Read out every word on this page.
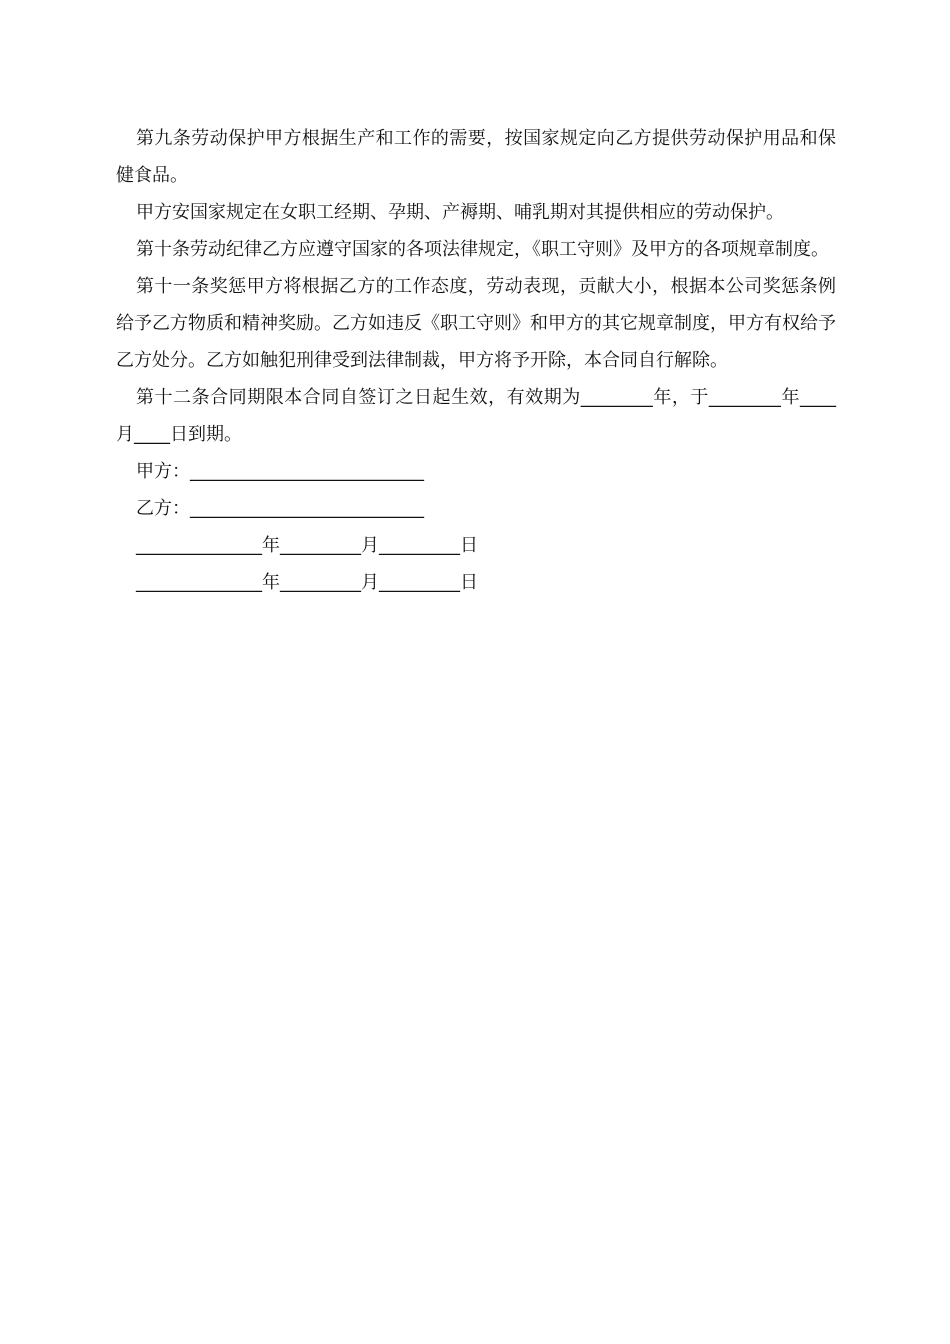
第九条劳动保护甲方根据生产和工作的需要，按国家规定向乙方提供劳动保护用品和保健食品。

甲方安国家规定在女职工经期、孕期、产褥期、哺乳期对其提供相应的劳动保护。

第十条劳动纪律乙方应遵守国家的各项法律规定，《职工守则》及甲方的各项规章制度。

第十一条奖惩甲方将根据乙方的工作态度，劳动表现，贡献大小，根据本公司奖惩条例给予乙方物质和精神奖励。乙方如违反《职工守则》和甲方的其它规章制度，甲方有权给予乙方处分。乙方如触犯刑律受到法律制裁，甲方将予开除，本合同自行解除。

第十二条合同期限本合同自签订之日起生效，有效期为________年，于________年____月____日到期。

甲方：__________________________
乙方：__________________________
______________年_________月_________日
______________年_________月_________日
